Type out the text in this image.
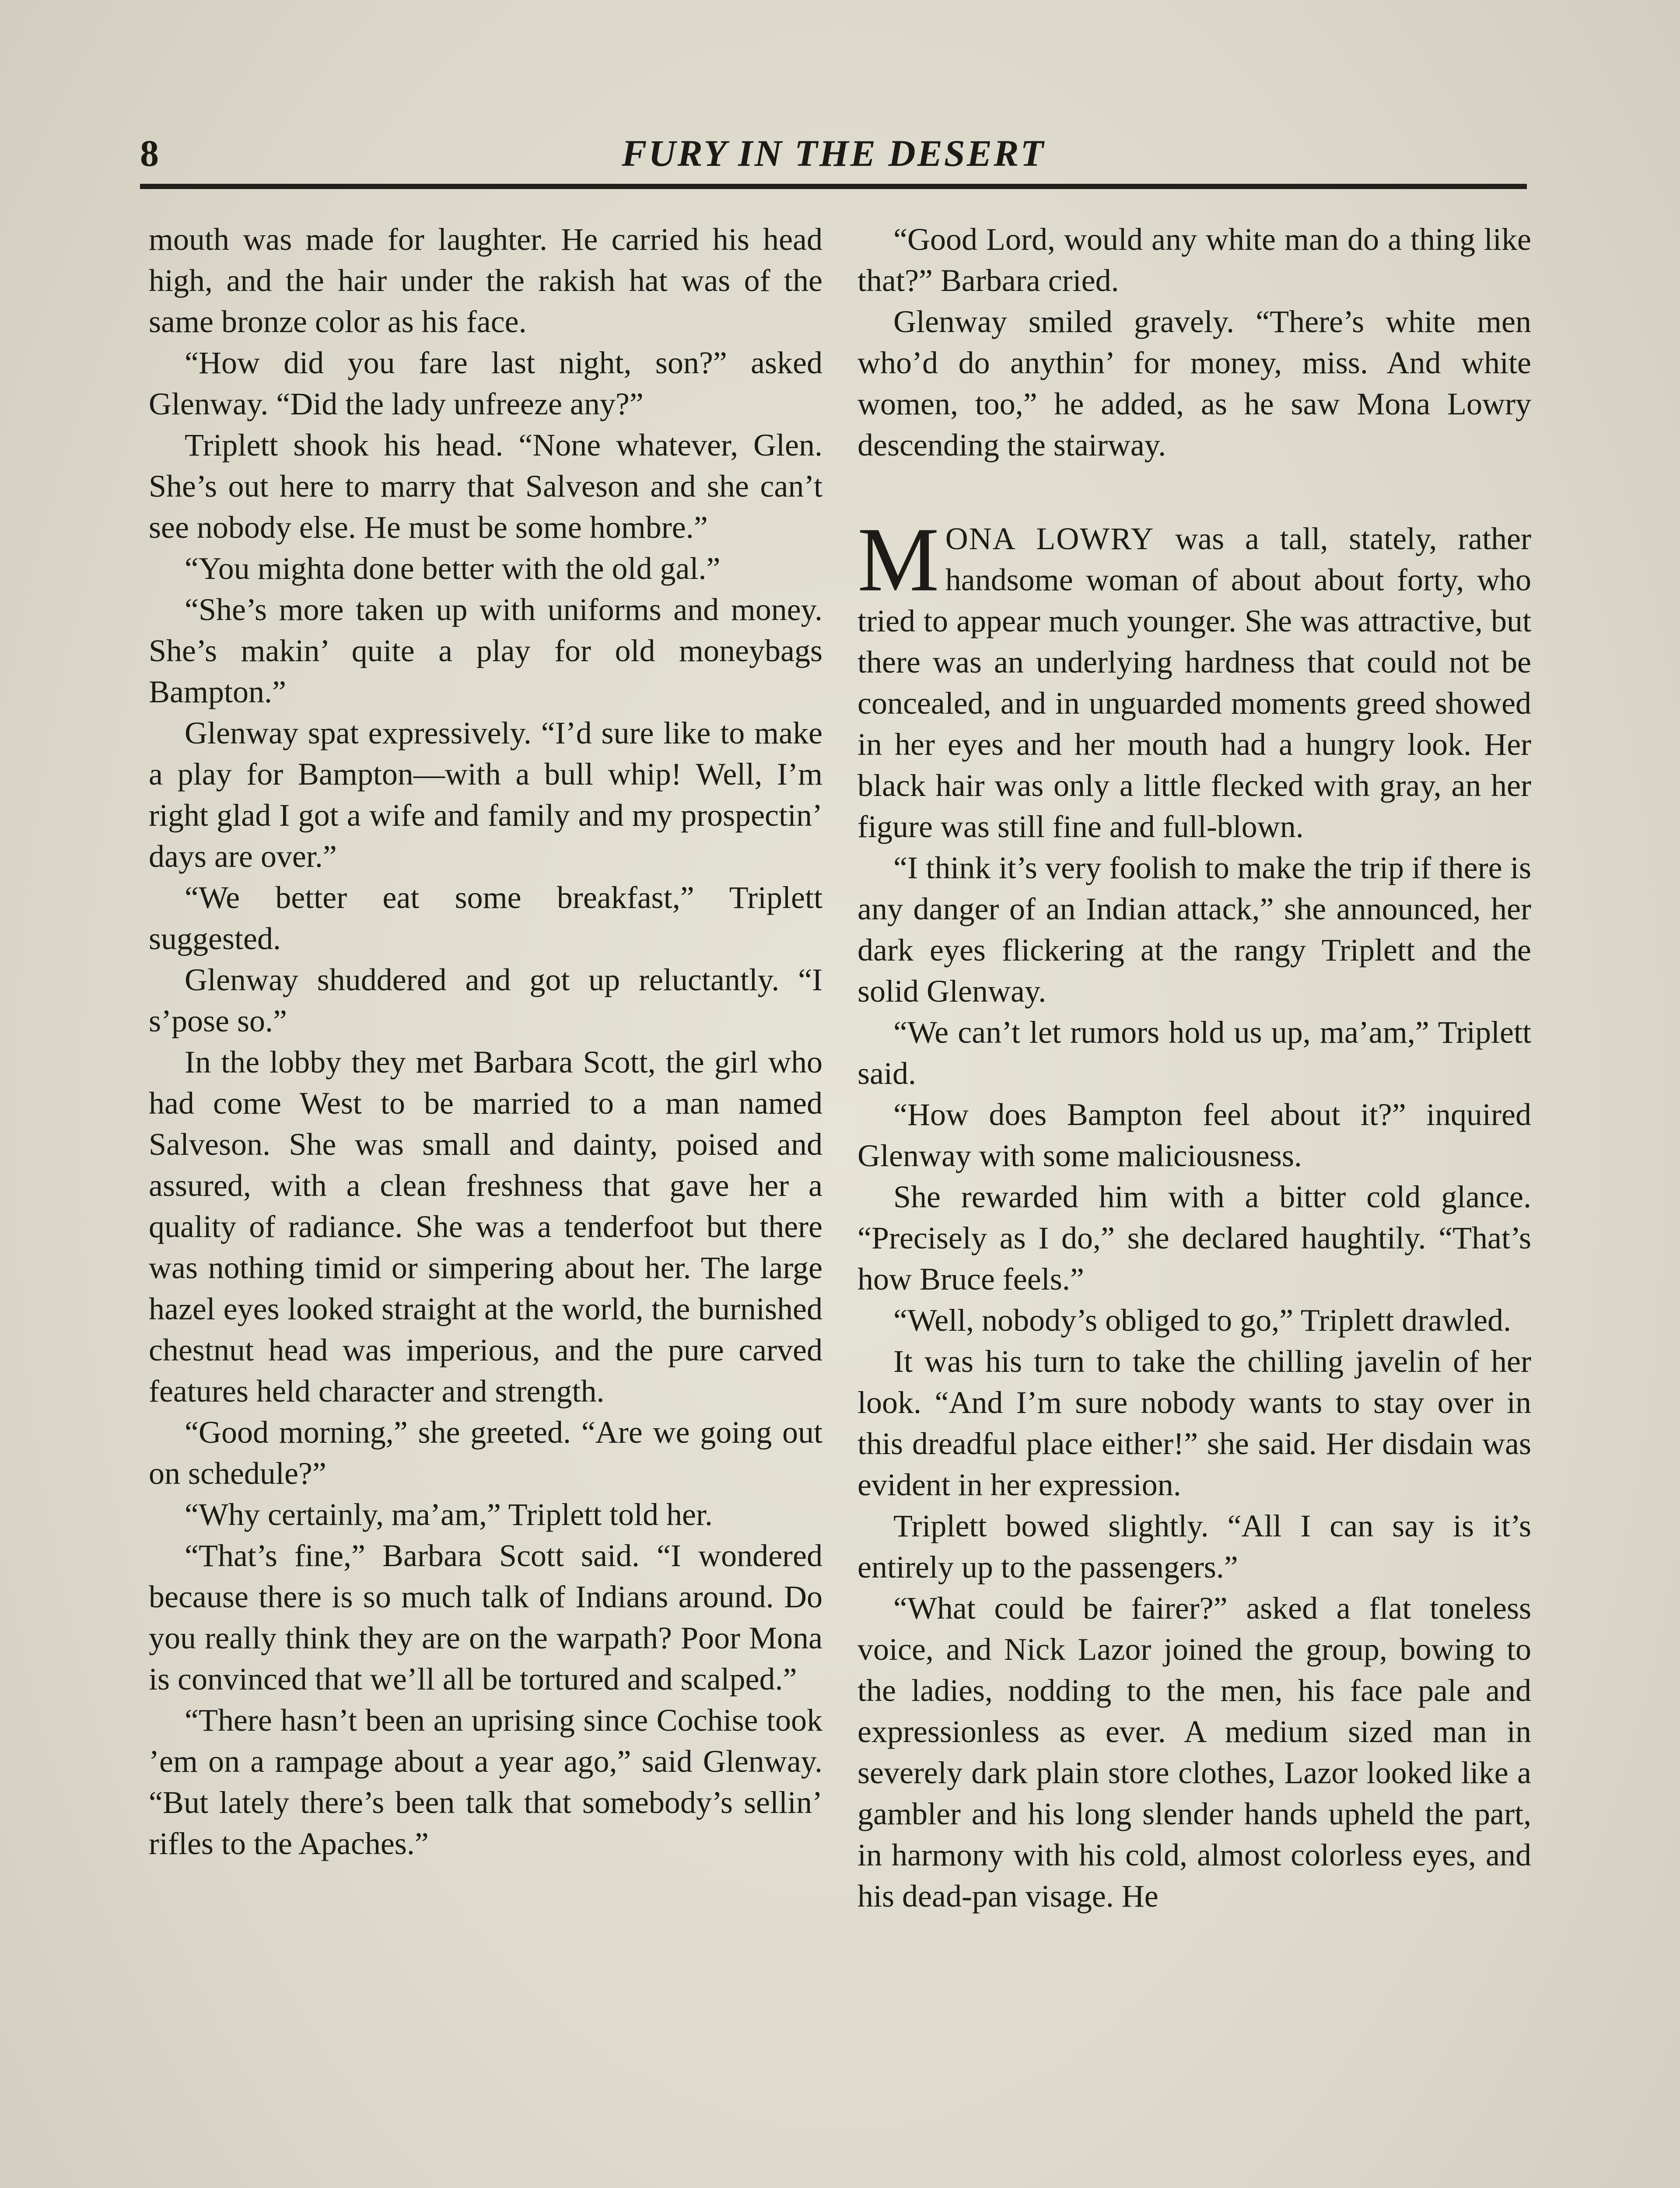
8	FURY IN THE DESERT

mouth was made for laughter. He carried his head high, and the hair under the rakish hat was of the same bronze color as his face.

“How did you fare last night, son?” asked Glenway. “Did the lady unfreeze any?”

Triplett shook his head. “None whatever, Glen. She’s out here to marry that Salveson and she can’t see nobody else. He must be some hombre.”

“You mighta done better with the old gal.”

“She’s more taken up with uniforms and money. She’s makin’ quite a play for old moneybags Bampton.”

Glenway spat expressively. “I’d sure like to make a play for Bampton—with a bull whip! Well, I’m right glad I got a wife and family and my prospectin’ days are over.”

“We better eat some breakfast,” Triplett suggested.

Glenway shuddered and got up reluctantly. “I s’pose so.”

In the lobby they met Barbara Scott, the girl who had come West to be married to a man named Salveson. She was small and dainty, poised and assured, with a clean freshness that gave her a quality of radiance. She was a tenderfoot but there was nothing timid or simpering about her. The large hazel eyes looked straight at the world, the burnished chestnut head was imperious, and the pure carved features held character and strength.

“Good morning,” she greeted. “Are we going out on schedule?”

“Why certainly, ma’am,” Triplett told her.

“That’s fine,” Barbara Scott said. “I wondered because there is so much talk of Indians around. Do you really think they are on the warpath? Poor Mona is convinced that we’ll all be tortured and scalped.”

“There hasn’t been an uprising since Cochise took ’em on a rampage about a year ago,” said Glenway. “But lately there’s been talk that somebody’s sellin’ rifles to the Apaches.”

“Good Lord, would any white man do a thing like that?” Barbara cried.

Glenway smiled gravely. “There’s white men who’d do anythin’ for money, miss. And white women, too,” he added, as he saw Mona Lowry descending the stairway.

MONA LOWRY was a tall, stately, rather handsome woman of about about forty, who tried to appear much younger. She was attractive, but there was an underlying hardness that could not be concealed, and in unguarded moments greed showed in her eyes and her mouth had a hungry look. Her black hair was only a little flecked with gray, an her figure was still fine and full-blown.

“I think it’s very foolish to make the trip if there is any danger of an Indian attack,” she announced, her dark eyes flickering at the rangy Triplett and the solid Glenway.

“We can’t let rumors hold us up, ma’am,” Triplett said.

“How does Bampton feel about it?” inquired Glenway with some maliciousness.

She rewarded him with a bitter cold glance. “Precisely as I do,” she declared haughtily. “That’s how Bruce feels.”

“Well, nobody’s obliged to go,” Triplett drawled.

It was his turn to take the chilling javelin of her look. “And I’m sure nobody wants to stay over in this dreadful place either!” she said. Her disdain was evident in her expression.

Triplett bowed slightly. “All I can say is it’s entirely up to the passengers.”

“What could be fairer?” asked a flat toneless voice, and Nick Lazor joined the group, bowing to the ladies, nodding to the men, his face pale and expressionless as ever. A medium sized man in severely dark plain store clothes, Lazor looked like a gambler and his long slender hands upheld the part, in harmony with his cold, almost colorless eyes, and his dead-pan visage. He
